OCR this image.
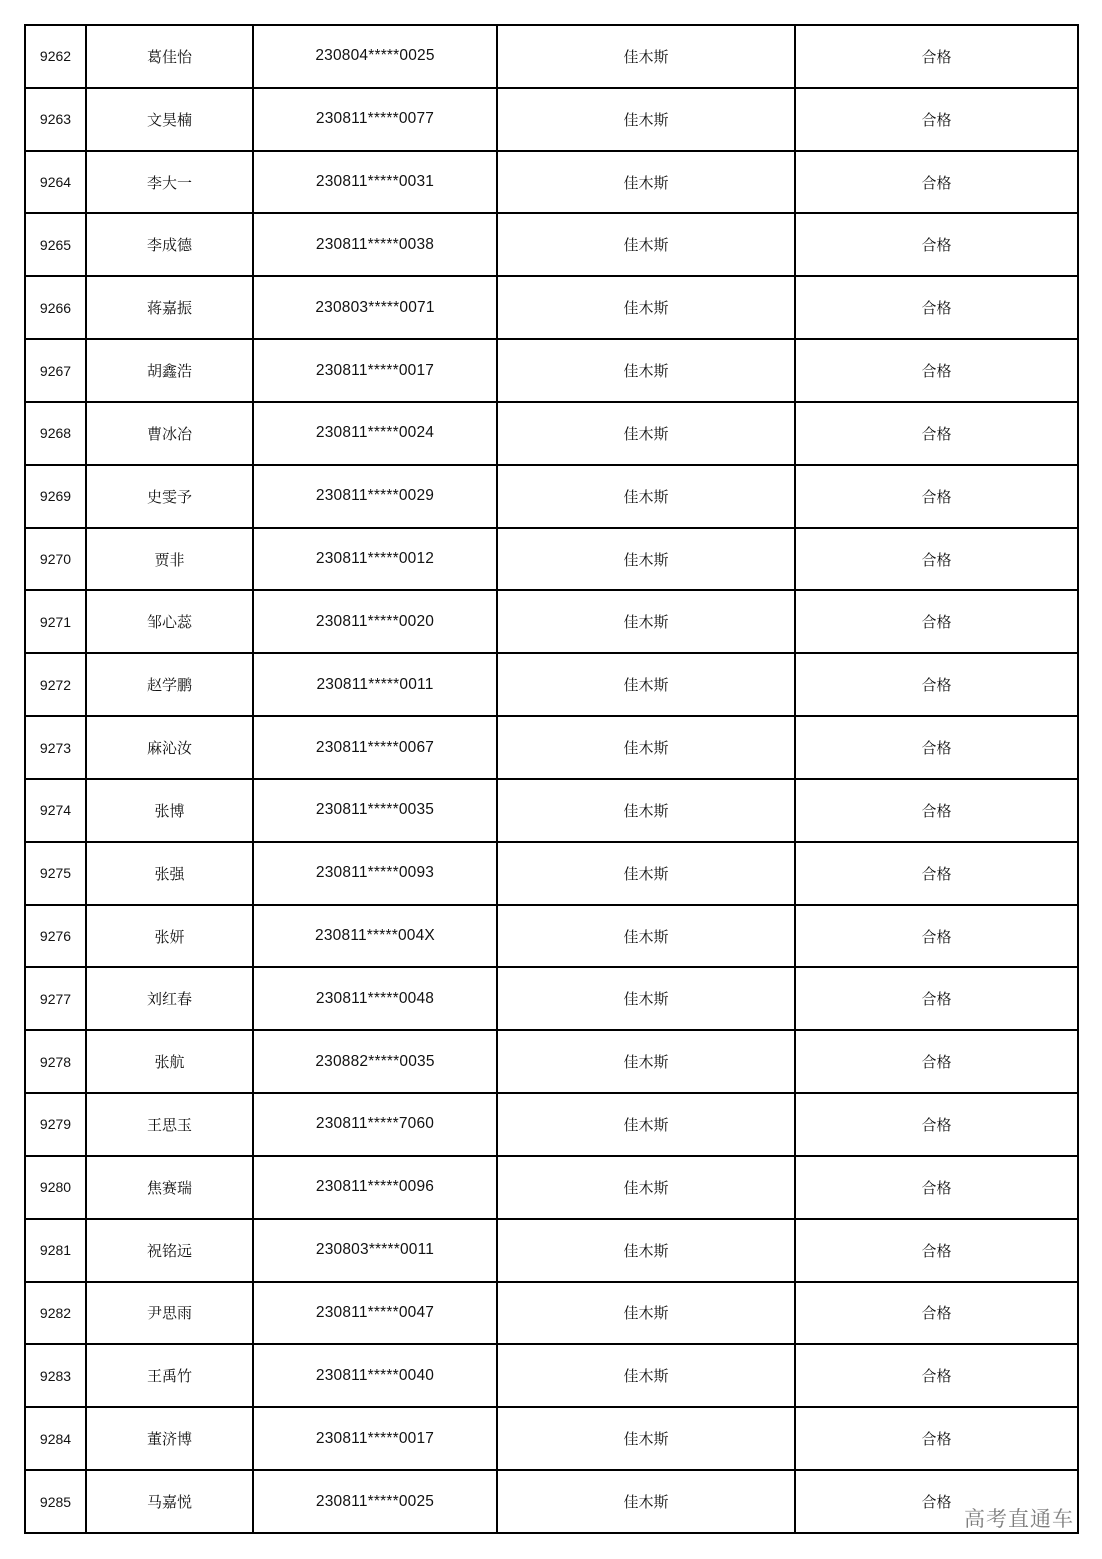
9262	葛佳怡	230804*****0025	佳木斯	合格
9263	文昊楠	230811*****0077	佳木斯	合格
9264	李大一	230811*****0031	佳木斯	合格
9265	李成德	230811*****0038	佳木斯	合格
9266	蒋嘉振	230803*****0071	佳木斯	合格
9267	胡鑫浩	230811*****0017	佳木斯	合格
9268	曹冰冶	230811*****0024	佳木斯	合格
9269	史雯予	230811*****0029	佳木斯	合格
9270	贾非	230811*****0012	佳木斯	合格
9271	邹心蕊	230811*****0020	佳木斯	合格
9272	赵学鹏	230811*****0011	佳木斯	合格
9273	麻沁汝	230811*****0067	佳木斯	合格
9274	张博	230811*****0035	佳木斯	合格
9275	张强	230811*****0093	佳木斯	合格
9276	张妍	230811*****004X	佳木斯	合格
9277	刘红春	230811*****0048	佳木斯	合格
9278	张航	230882*****0035	佳木斯	合格
9279	王思玉	230811*****7060	佳木斯	合格
9280	焦赛瑞	230811*****0096	佳木斯	合格
9281	祝铭远	230803*****0011	佳木斯	合格
9282	尹思雨	230811*****0047	佳木斯	合格
9283	王禹竹	230811*****0040	佳木斯	合格
9284	董济博	230811*****0017	佳木斯	合格
9285	马嘉悦	230811*****0025	佳木斯	合格
高考直通车
